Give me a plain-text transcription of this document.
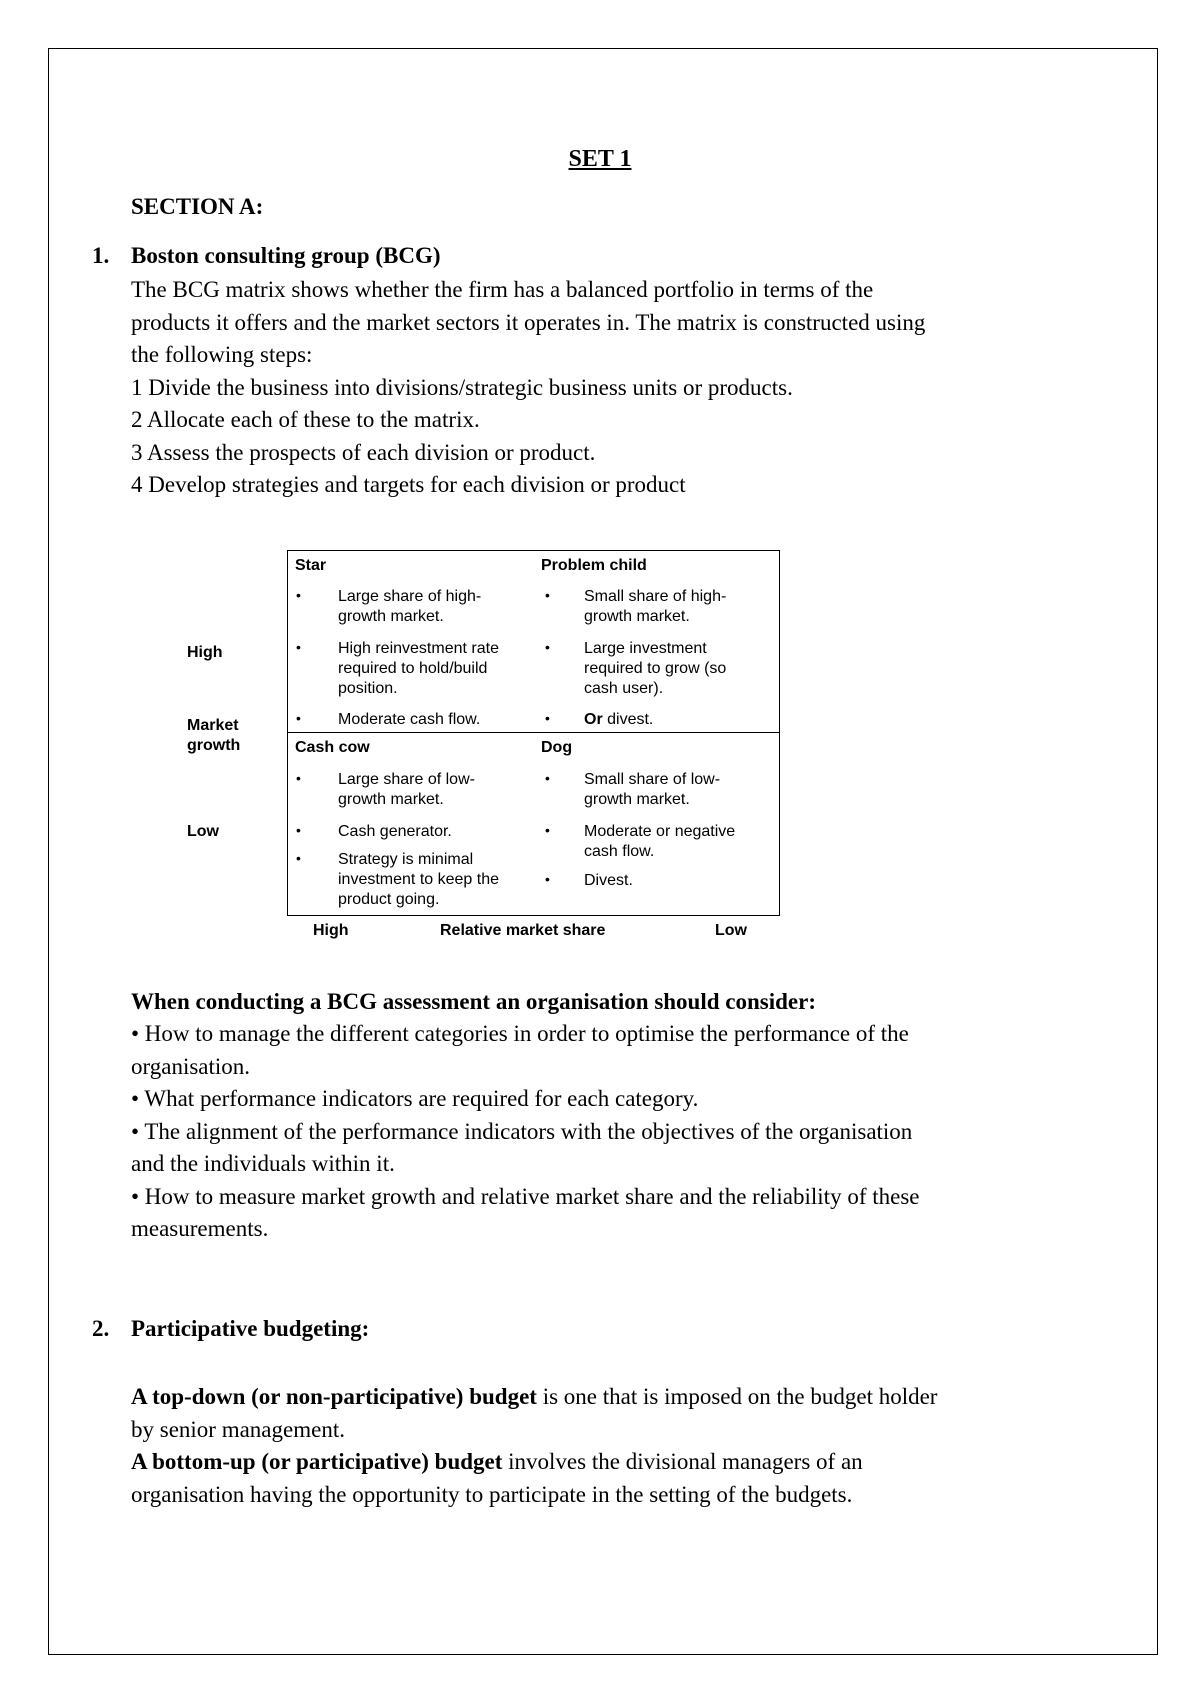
SET 1
SECTION A:
1. Boston consulting group (BCG)
The BCG matrix shows whether the firm has a balanced portfolio in terms of the
products it offers and the market sectors it operates in. The matrix is constructed using
the following steps:
1 Divide the business into divisions/strategic business units or products.
2 Allocate each of these to the matrix.
3 Assess the prospects of each division or product.
4 Develop strategies and targets for each division or product
High
Market
growth
Low
High	Relative market share	Low
Star
• Large share of high-
growth market.
• High reinvestment rate
required to hold/build
position.
• Moderate cash flow.
Problem child
• Small share of high-
growth market.
• Large investment
required to grow (so
cash user).
• Or divest.
Cash cow
• Large share of low-
growth market.
• Cash generator.
• Strategy is minimal
investment to keep the
product going.
Dog
• Small share of low-
growth market.
• Moderate or negative
cash flow.
• Divest.
When conducting a BCG assessment an organisation should consider:
• How to manage the different categories in order to optimise the performance of the
organisation.
• What performance indicators are required for each category.
• The alignment of the performance indicators with the objectives of the organisation
and the individuals within it.
• How to measure market growth and relative market share and the reliability of these
measurements.
2. Participative budgeting:
A top-down (or non-participative) budget is one that is imposed on the budget holder
by senior management.
A bottom-up (or participative) budget involves the divisional managers of an
organisation having the opportunity to participate in the setting of the budgets.
